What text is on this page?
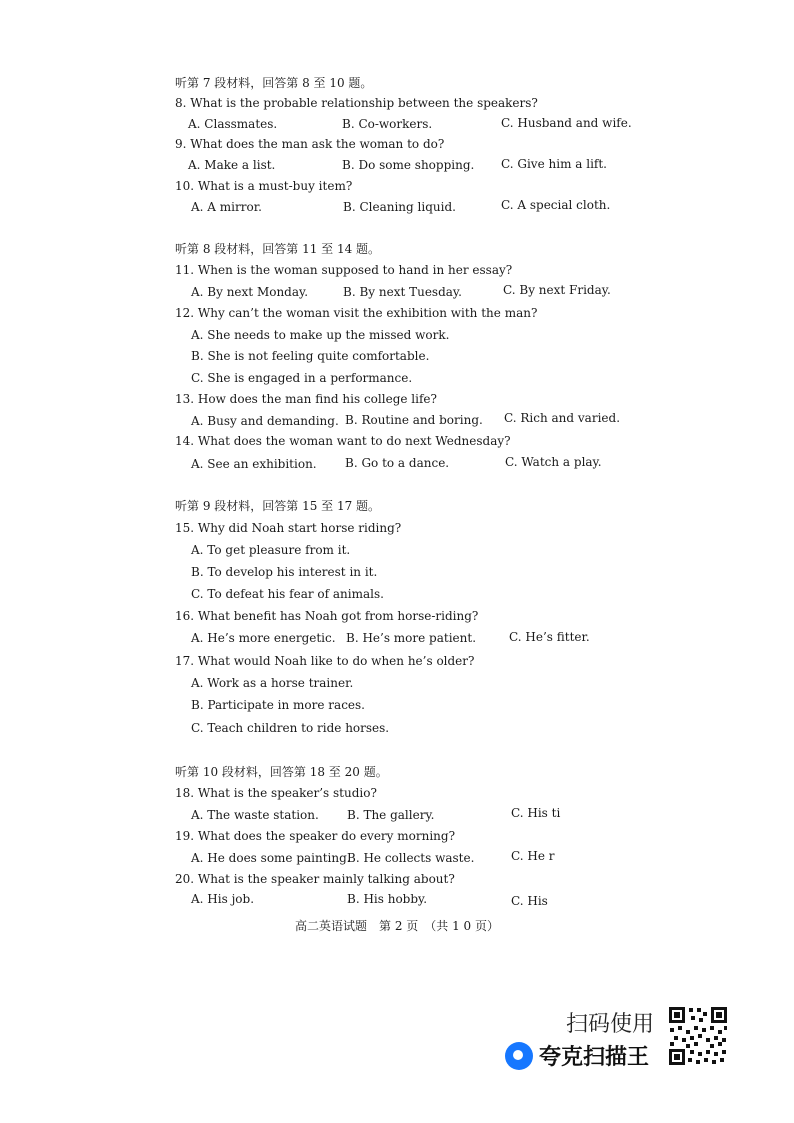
听第 7 段材料，回答第 8 至 10 题。
8. What is the probable relationship between the speakers?
A. Classmates.	B. Co-workers.	C. Husband and wife.
9. What does the man ask the woman to do?
A. Make a list.	B. Do some shopping. C. Give him a lift.
10. What is a must-buy item?
A. A mirror.	B. Cleaning liquid.	C. A special cloth.
听第 8 段材料，回答第 11 至 14 题。
11. When is the woman supposed to hand in her essay?
A. By next Monday.	B. By next Tuesday.	C. By next Friday.
12. Why can’t the woman visit the exhibition with the man?
A. She needs to make up the missed work.
B. She is not feeling quite comfortable.
C. She is engaged in a performance.
13. How does the man find his college life?
A. Busy and demanding. B. Routine and boring. C. Rich and varied.
14. What does the woman want to do next Wednesday?
A. See an exhibition. B. Go to a dance.	C. Watch a play.
听第 9 段材料，回答第 15 至 17 题。
15. Why did Noah start horse riding?
A. To get pleasure from it.
B. To develop his interest in it.
C. To defeat his fear of animals.
16. What benefit has Noah got from horse-riding?
A. He’s more energetic. B. He’s more patient.	C. He’s fitter.
17. What would Noah like to do when he’s older?
A. Work as a horse trainer.
B. Participate in more races.
C. Teach children to ride horses.
听第 10 段材料，回答第 18 至 20 题。
18. What is the speaker’s studio?
A. The waste station. B. The gallery.	C. His ti
19. What does the speaker do every morning?
A. He does some painting.
B. He collects waste.	C. He r
20. What is the speaker mainly talking about?
A. His job.	B. His hobby.	C. His
高二英语试题　第 2 页　（共 1 0 页）
扫码使用
夸克扫描王
